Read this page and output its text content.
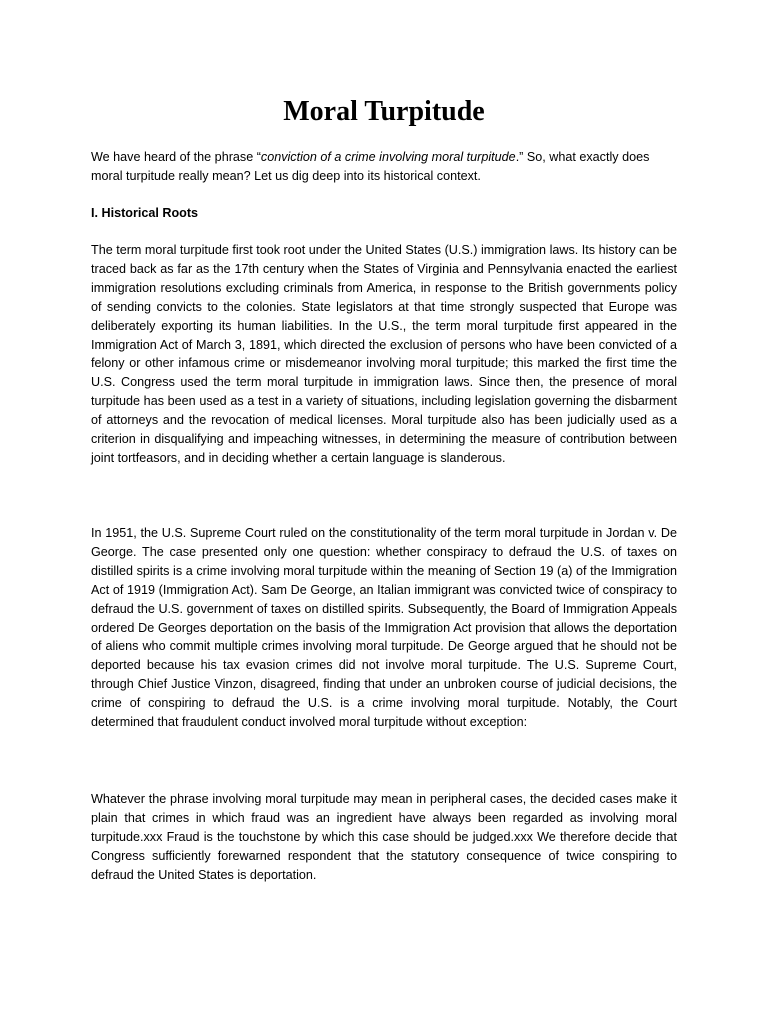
Moral Turpitude

We have heard of the phrase “conviction of a crime involving moral turpitude.” So, what exactly does moral turpitude really mean? Let us dig deep into its historical context.

I. Historical Roots

The term moral turpitude first took root under the United States (U.S.) immigration laws. Its history can be traced back as far as the 17th century when the States of Virginia and Pennsylvania enacted the earliest immigration resolutions excluding criminals from America, in response to the British governments policy of sending convicts to the colonies. State legislators at that time strongly suspected that Europe was deliberately exporting its human liabilities. In the U.S., the term moral turpitude first appeared in the Immigration Act of March 3, 1891, which directed the exclusion of persons who have been convicted of a felony or other infamous crime or misdemeanor involving moral turpitude; this marked the first time the U.S. Congress used the term moral turpitude in immigration laws. Since then, the presence of moral turpitude has been used as a test in a variety of situations, including legislation governing the disbarment of attorneys and the revocation of medical licenses. Moral turpitude also has been judicially used as a criterion in disqualifying and impeaching witnesses, in determining the measure of contribution between joint tortfeasors, and in deciding whether a certain language is slanderous.

In 1951, the U.S. Supreme Court ruled on the constitutionality of the term moral turpitude in Jordan v. De George. The case presented only one question: whether conspiracy to defraud the U.S. of taxes on distilled spirits is a crime involving moral turpitude within the meaning of Section 19 (a) of the Immigration Act of 1919 (Immigration Act). Sam De George, an Italian immigrant was convicted twice of conspiracy to defraud the U.S. government of taxes on distilled spirits. Subsequently, the Board of Immigration Appeals ordered De Georges deportation on the basis of the Immigration Act provision that allows the deportation of aliens who commit multiple crimes involving moral turpitude. De George argued that he should not be deported because his tax evasion crimes did not involve moral turpitude. The U.S. Supreme Court, through Chief Justice Vinzon, disagreed, finding that under an unbroken course of judicial decisions, the crime of conspiring to defraud the U.S. is a crime involving moral turpitude. Notably, the Court determined that fraudulent conduct involved moral turpitude without exception:

Whatever the phrase involving moral turpitude may mean in peripheral cases, the decided cases make it plain that crimes in which fraud was an ingredient have always been regarded as involving moral turpitude.xxx Fraud is the touchstone by which this case should be judged.xxx We therefore decide that Congress sufficiently forewarned respondent that the statutory consequence of twice conspiring to defraud the United States is deportation.
